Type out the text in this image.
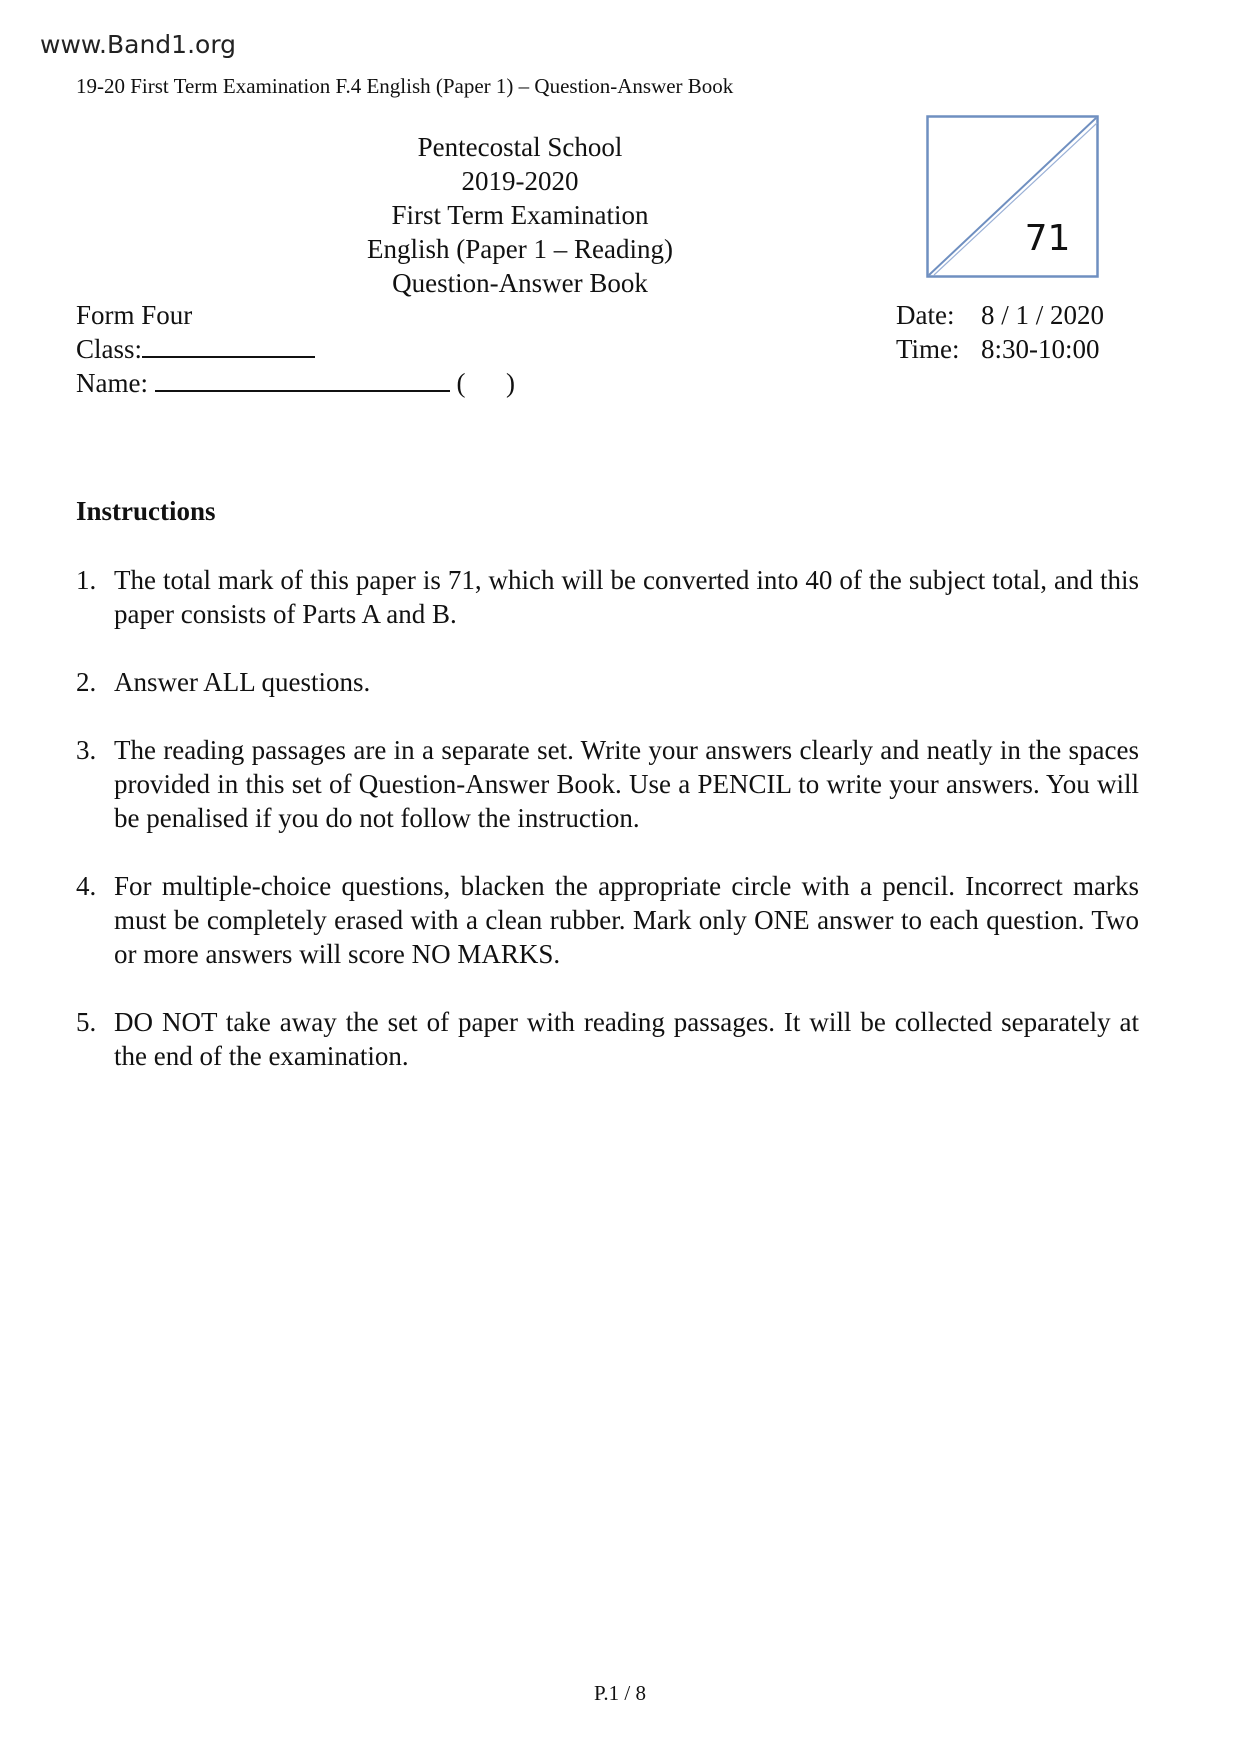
www.Band1.org
19-20 First Term Examination F.4 English (Paper 1) – Question-Answer Book
Pentecostal School
2019-2020
First Term Examination
English (Paper 1 – Reading)
Question-Answer Book
71
Form Four
Class:
Name:	(      )
Date: 8 / 1 / 2020
Time: 8:30-10:00
Instructions
1. The total mark of this paper is 71, which will be converted into 40 of the subject total, and this paper consists of Parts A and B.
2. Answer ALL questions.
3. The reading passages are in a separate set. Write your answers clearly and neatly in the spaces provided in this set of Question-Answer Book. Use a PENCIL to write your answers. You will be penalised if you do not follow the instruction.
4. For multiple-choice questions, blacken the appropriate circle with a pencil. Incorrect marks must be completely erased with a clean rubber. Mark only ONE answer to each question. Two or more answers will score NO MARKS.
5. DO NOT take away the set of paper with reading passages. It will be collected separately at the end of the examination.
P.1 / 8
